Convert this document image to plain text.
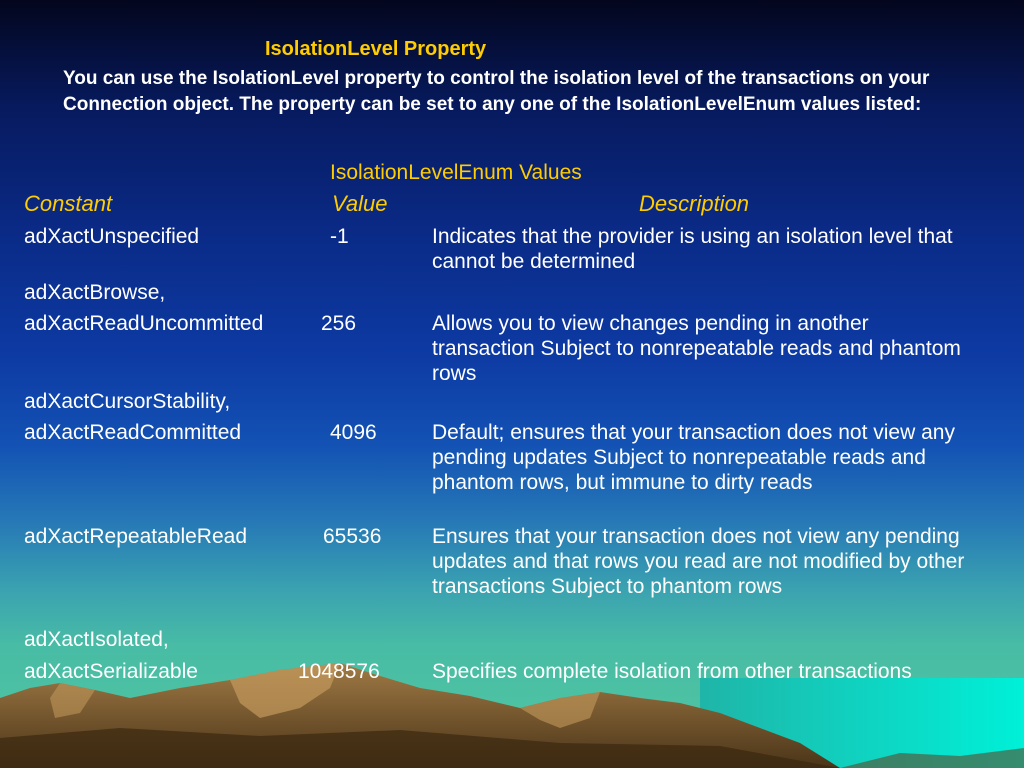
IsolationLevel Property

You can use the IsolationLevel property to control the isolation level of the transactions on your Connection object. The property can be set to any one of the IsolationLevelEnum values listed:

IsolationLevelEnum Values
Constant	Value	Description
adXactUnspecified	-1	Indicates that the provider is using an isolation level that cannot be determined
adXactBrowse,
adXactReadUncommitted	256	Allows you to view changes pending in another transaction Subject to nonrepeatable reads and phantom rows
adXactCursorStability,
adXactReadCommitted	4096	Default; ensures that your transaction does not view any pending updates Subject to nonrepeatable reads and phantom rows, but immune to dirty reads
adXactRepeatableRead	65536 Ensures that your transaction does not view any pending updates and that rows you read are not modified by other transactions Subject to phantom rows
adXactIsolated,
adXactSerializable	1048576 Specifies complete isolation from other transactions
